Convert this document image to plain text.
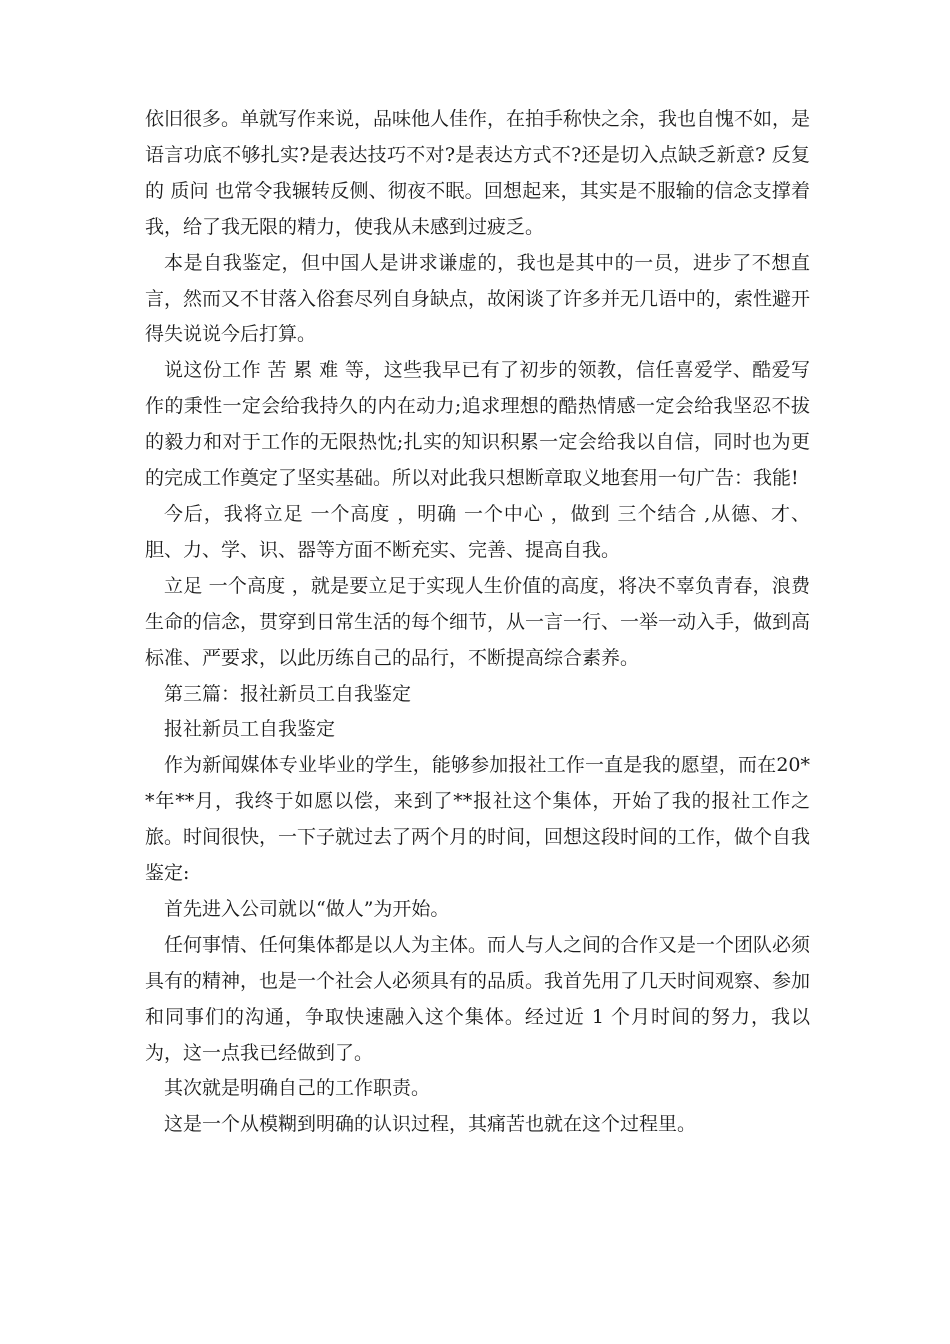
依旧很多。单就写作来说，品味他人佳作，在拍手称快之余，我也自愧不如，是语言功底不够扎实?是表达技巧不对?是表达方式不?还是切入点缺乏新意? 反复的 质问 也常令我辗转反侧、彻夜不眠。回想起来，其实是不服输的信念支撑着我，给了我无限的精力，使我从未感到过疲乏。

本是自我鉴定，但中国人是讲求谦虚的，我也是其中的一员，进步了不想直言，然而又不甘落入俗套尽列自身缺点，故闲谈了许多并无几语中的，索性避开得失说说今后打算。

说这份工作 苦 累 难 等，这些我早已有了初步的领教，信任喜爱学、酷爱写作的秉性一定会给我持久的内在动力;追求理想的酷热情感一定会给我坚忍不拔的毅力和对于工作的无限热忱;扎实的知识积累一定会给我以自信，同时也为更的完成工作奠定了坚实基础。所以对此我只想断章取义地套用一句广告：我能!

今后，我将立足 一个高度 ，明确 一个中心 ，做到 三个结合 ,从德、才、胆、力、学、识、器等方面不断充实、完善、提高自我。

立足 一个高度 ，就是要立足于实现人生价值的高度，将决不辜负青春，浪费生命的信念，贯穿到日常生活的每个细节，从一言一行、一举一动入手，做到高标准、严要求，以此历练自己的品行，不断提高综合素养。

第三篇：报社新员工自我鉴定

报社新员工自我鉴定

作为新闻媒体专业毕业的学生，能够参加报社工作一直是我的愿望，而在20**年**月，我终于如愿以偿，来到了**报社这个集体，开始了我的报社工作之旅。时间很快，一下子就过去了两个月的时间，回想这段时间的工作，做个自我鉴定:

首先进入公司就以“做人”为开始。

任何事情、任何集体都是以人为主体。而人与人之间的合作又是一个团队必须具有的精神，也是一个社会人必须具有的品质。我首先用了几天时间观察、参加和同事们的沟通，争取快速融入这个集体。经过近 1 个月时间的努力，我以为，这一点我已经做到了。

其次就是明确自己的工作职责。

这是一个从模糊到明确的认识过程，其痛苦也就在这个过程里。
